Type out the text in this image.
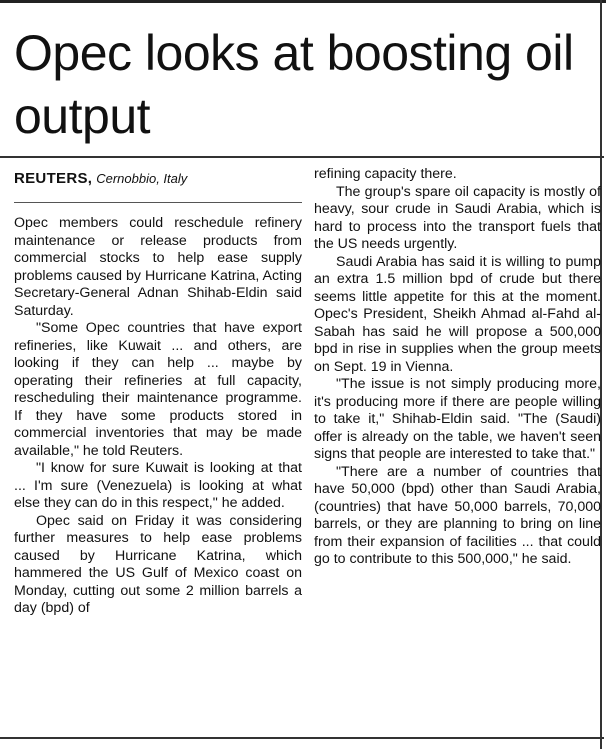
Opec looks at boosting oil output
REUTERS, Cernobbio, Italy

Opec members could reschedule refinery maintenance or release products from commercial stocks to help ease supply problems caused by Hurricane Katrina, Acting Secretary-General Adnan Shihab-Eldin said Saturday.

"Some Opec countries that have export refineries, like Kuwait ... and others, are looking if they can help ... maybe by operating their refineries at full capacity, rescheduling their maintenance programme. If they have some products stored in commercial inventories that may be made available," he told Reuters.

"I know for sure Kuwait is looking at that ... I'm sure (Venezuela) is looking at what else they can do in this respect," he added.

Opec said on Friday it was considering further measures to help ease problems caused by Hurricane Katrina, which hammered the US Gulf of Mexico coast on Monday, cutting out some 2 million barrels a day (bpd) of

refining capacity there.

The group's spare oil capacity is mostly of heavy, sour crude in Saudi Arabia, which is hard to process into the transport fuels that the US needs urgently.

Saudi Arabia has said it is willing to pump an extra 1.5 million bpd of crude but there seems little appetite for this at the moment. Opec's President, Sheikh Ahmad al-Fahd al-Sabah has said he will propose a 500,000 bpd in rise in supplies when the group meets on Sept. 19 in Vienna.

"The issue is not simply producing more, it's producing more if there are people willing to take it," Shihab-Eldin said. "The (Saudi) offer is already on the table, we haven't seen signs that people are interested to take that."

"There are a number of countries that have 50,000 (bpd) other than Saudi Arabia, (countries) that have 50,000 barrels, 70,000 barrels, or they are planning to bring on line from their expansion of facilities ... that could go to contribute to this 500,000," he said.
